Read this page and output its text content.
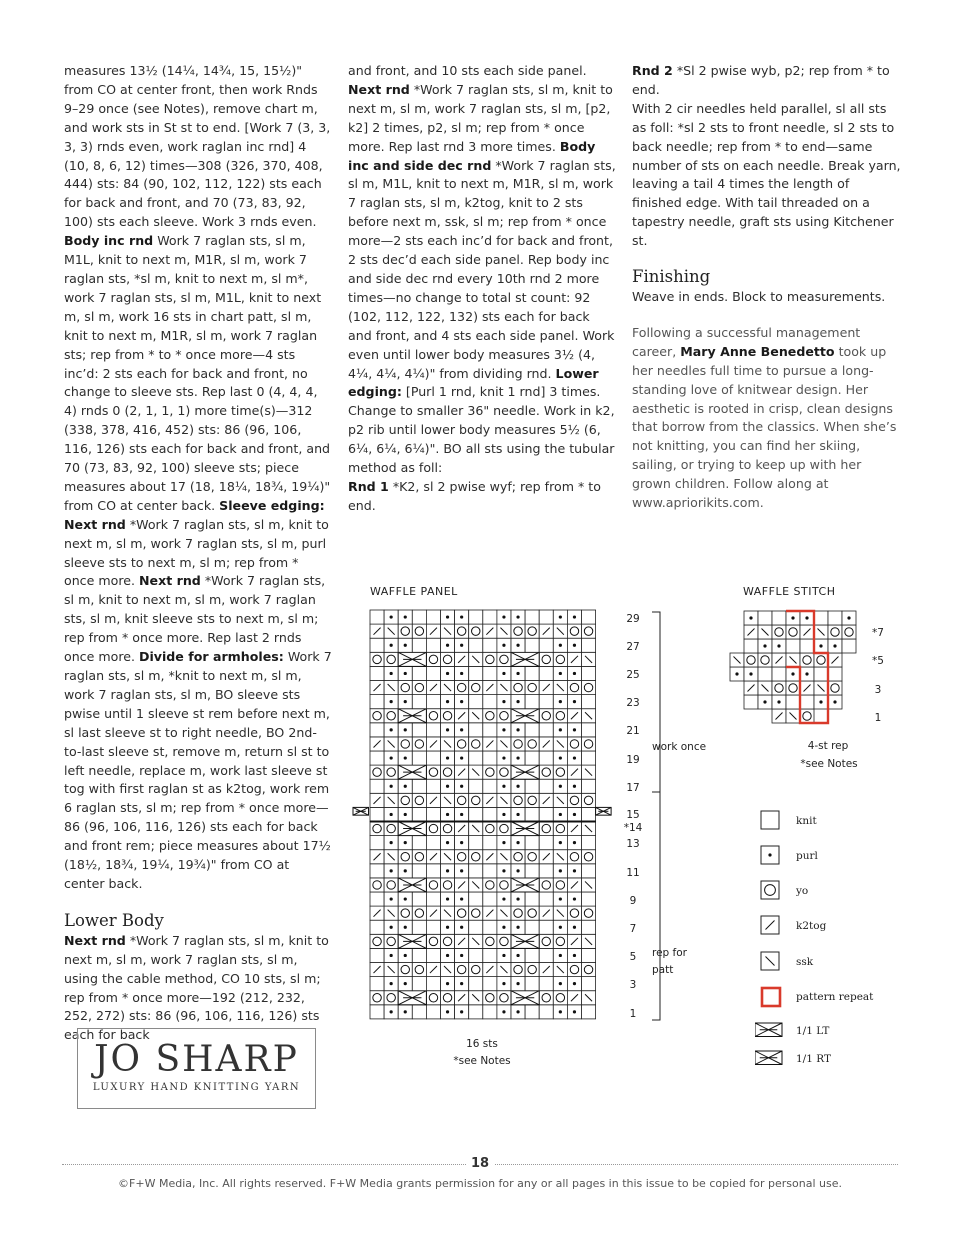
measures 13½ (14¼, 14¾, 15, 15½)" from CO at center front, then work Rnds 9–29 once (see Notes), remove chart m, and work sts in St st to end. [Work 7 (3, 3, 3, 3) rnds even, work raglan inc rnd] 4 (10, 8, 6, 12) times—308 (326, 370, 408, 444) sts: 84 (90, 102, 112, 122) sts each for back and front, and 70 (73, 83, 92, 100) sts each sleeve. Work 3 rnds even. Body inc rnd Work 7 raglan sts, sl m, M1L, knit to next m, M1R, sl m, work 7 raglan sts, *sl m, knit to next m, sl m*, work 7 raglan sts, sl m, M1L, knit to next m, sl m, work 16 sts in chart patt, sl m, knit to next m, M1R, sl m, work 7 raglan sts; rep from * to * once more—4 sts inc’d: 2 sts each for back and front, no change to sleeve sts. Rep last 0 (4, 4, 4, 4) rnds 0 (2, 1, 1, 1) more time(s)—312 (338, 378, 416, 452) sts: 86 (96, 106, 116, 126) sts each for back and front, and 70 (73, 83, 92, 100) sleeve sts; piece measures about 17 (18, 18¼, 18¾, 19¼)" from CO at center back. Sleeve edging: Next rnd *Work 7 raglan sts, sl m, knit to next m, sl m, work 7 raglan sts, sl m, purl sleeve sts to next m, sl m; rep from * once more. Next rnd *Work 7 raglan sts, sl m, knit to next m, sl m, work 7 raglan sts, sl m, knit sleeve sts to next m, sl m; rep from * once more. Rep last 2 rnds once more. Divide for armholes: Work 7 raglan sts, sl m, *knit to next m, sl m, work 7 raglan sts, sl m, BO sleeve sts pwise until 1 sleeve st rem before next m, sl last sleeve st to right needle, BO 2nd-to-last sleeve st, remove m, return sl st to left needle, replace m, work last sleeve st tog with first raglan st as k2tog, work rem 6 raglan sts, sl m; rep from * once more—86 (96, 106, 116, 126) sts each for back and front rem; piece measures about 17½ (18½, 18¾, 19¼, 19¾)" from CO at center back.

Lower Body

Next rnd *Work 7 raglan sts, sl m, knit to next m, sl m, work 7 raglan sts, sl m, using the cable method, CO 10 sts, sl m; rep from * once more—192 (212, 232, 252, 272) sts: 86 (96, 106, 116, 126) sts each for back

and front, and 10 sts each side panel. Next rnd *Work 7 raglan sts, sl m, knit to next m, sl m, work 7 raglan sts, sl m, [p2, k2] 2 times, p2, sl m; rep from * once more. Rep last rnd 3 more times. Body inc and side dec rnd *Work 7 raglan sts, sl m, M1L, knit to next m, M1R, sl m, work 7 raglan sts, sl m, k2tog, knit to 2 sts before next m, ssk, sl m; rep from * once more—2 sts each inc’d for back and front, 2 sts dec’d each side panel. Rep body inc and side dec rnd every 10th rnd 2 more times—no change to total st count: 92 (102, 112, 122, 132) sts each for back and front, and 4 sts each side panel. Work even until lower body measures 3½ (4, 4¼, 4¼, 4¼)" from dividing rnd. Lower edging: [Purl 1 rnd, knit 1 rnd] 3 times. Change to smaller 36" needle. Work in k2, p2 rib until lower body measures 5½ (6, 6¼, 6¼, 6¼)". BO all sts using the tubular method as foll:

Rnd 1 *K2, sl 2 pwise wyf; rep from * to end.

Rnd 2 *Sl 2 pwise wyb, p2; rep from * to end.

With 2 cir needles held parallel, sl all sts as foll: *sl 2 sts to front needle, sl 2 sts to back needle; rep from * to end—same number of sts on each needle. Break yarn, leaving a tail 4 times the length of finished edge. With tail threaded on a tapestry needle, graft sts using Kitchener st.

Finishing

Weave in ends. Block to measurements.

Following a successful management career, Mary Anne Benedetto took up her needles full time to pursue a long-standing love of knitwear design. Her aesthetic is rooted in crisp, clean designs that borrow from the classics. When she’s not knitting, you can find her skiing, sailing, or trying to keep up with her grown children. Follow along at www.apriorikits.com.

WAFFLE PANEL
29
27
25
23
21
19
17
15
*14
13
11
9
7
5
3
1
work once
rep for patt
16 sts
*see Notes
WAFFLE STITCH
*7
*5
3
1
4-st rep
*see Notes
knit
purl
yo
k2tog
ssk
pattern repeat
1/1 LT
1/1 RT
JO SHARP
LUXURY HAND KNITTING YARN
18
©F+W Media, Inc. All rights reserved. F+W Media grants permission for any or all pages in this issue to be copied for personal use.
